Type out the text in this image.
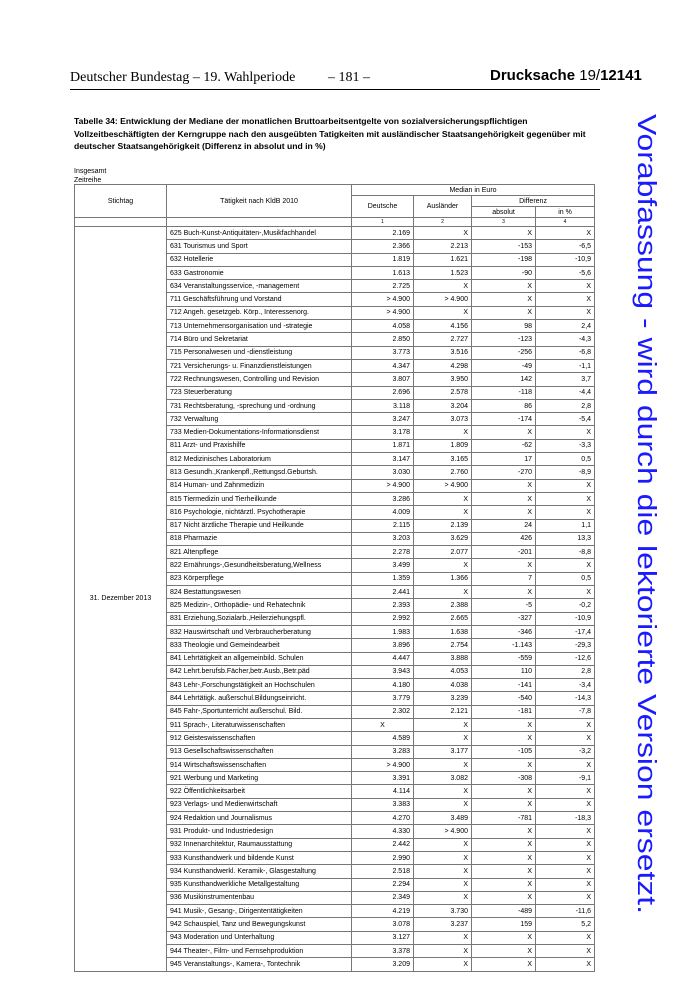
Deutscher Bundestag – 19. Wahlperiode – 181 –	Drucksache 19/12141
Tabelle 34: Entwicklung der Mediane der monatlichen Bruttoarbeitsentgelte von sozialversicherungspflichtigen Vollzeitbeschäftigten der Kerngruppe nach den ausgeübten Tatigkeiten mit ausländischer Staatsangehörigkeit gegenüber mit deutscher Staatsangehörigkeit (Differenz in absolut und in %)
Insgesamt
Zeitreihe	Vorabfassung - wird durch die lektorierte Version ersetzt.
Stichtag	Tätigkeit nach KldB 2010	Median in Euro			
		Deutsche	Ausländer	Differenz	
				absolut	in %
		1	2	3	4
31. Dezember 2013	625 Buch-Kunst-Antiquitäten-,Musikfachhandel	2.169	X	X	X
	631 Tourismus und Sport	2.366	2.213	-153	-6,5
	632 Hotellerie	1.819	1.621	-198	-10,9
	633 Gastronomie	1.613	1.523	-90	-5,6
	634 Veranstaltungsservice, -management	2.725	X	X	X
	711 Geschäftsführung und Vorstand	> 4.900	> 4.900	X	X
	712 Angeh. gesetzgeb. Körp., Interessenorg.	> 4.900	X	X	X
	713 Unternehmensorganisation und -strategie	4.058	4.156	98	2,4
	714 Büro und Sekretariat	2.850	2.727	-123	-4,3
	715 Personalwesen und -dienstleistung	3.773	3.516	-256	-6,8
	721 Versicherungs- u. Finanzdienstleistungen	4.347	4.298	-49	-1,1
	722 Rechnungswesen, Controlling und Revision	3.807	3.950	142	3,7
	723 Steuerberatung	2.696	2.578	-118	-4,4
	731 Rechtsberatung, -sprechung und -ordnung	3.118	3.204	86	2,8
	732 Verwaltung	3.247	3.073	-174	-5,4
	733 Medien-Dokumentations-Informationsdienst	3.178	X	X	X
	811 Arzt- und Praxishilfe	1.871	1.809	-62	-3,3
	812 Medizinisches Laboratorium	3.147	3.165	17	0,5
	813 Gesundh.,Krankenpfl.,Rettungsd.Geburtsh.	3.030	2.760	-270	-8,9
	814 Human- und Zahnmedizin	> 4.900	> 4.900	X	X
	815 Tiermedizin und Tierheilkunde	3.286	X	X	X
	816 Psychologie, nichtärztl. Psychotherapie	4.009	X	X	X
	817 Nicht ärztliche Therapie und Heilkunde	2.115	2.139	24	1,1
	818 Pharmazie	3.203	3.629	426	13,3
	821 Altenpflege	2.278	2.077	-201	-8,8
	822 Ernährungs-,Gesundheitsberatung,Wellness	3.499	X	X	X
	823 Körperpflege	1.359	1.366	7	0,5
	824 Bestattungswesen	2.441	X	X	X
	825 Medizin-, Orthopädie- und Rehatechnik	2.393	2.388	-5	-0,2
	831 Erziehung,Sozialarb.,Heilerziehungspfl.	2.992	2.665	-327	-10,9
	832 Hauswirtschaft und Verbraucherberatung	1.983	1.638	-346	-17,4
	833 Theologie und Gemeindearbeit	3.896	2.754	-1.143	-29,3
	841 Lehrtätigkeit an allgemeinbild. Schulen	4.447	3.888	-559	-12,6
	842 Lehrt.berufsb.Fächer,betr.Ausb.,Betr.päd	3.943	4.053	110	2,8
	843 Lehr-,Forschungstätigkeit an Hochschulen	4.180	4.038	-141	-3,4
	844 Lehrtätigk. außerschul.Bildungseinricht.	3.779	3.239	-540	-14,3
	845 Fahr-,Sportunterricht außerschul. Bild.	2.302	2.121	-181	-7,8
	911 Sprach-, Literaturwissenschaften	X	X	X	X
	912 Geisteswissenschaften	4.589	X	X	X
	913 Gesellschaftswissenschaften	3.283	3.177	-105	-3,2
	914 Wirtschaftswissenschaften	> 4.900	X	X	X
	921 Werbung und Marketing	3.391	3.082	-308	-9,1
	922 Öffentlichkeitsarbeit	4.114	X	X	X
	923 Verlags- und Medienwirtschaft	3.383	X	X	X
	924 Redaktion und Journalismus	4.270	3.489	-781	-18,3
	931 Produkt- und Industriedesign	4.330	> 4.900	X	X
	932 Innenarchitektur, Raumausstattung	2.442	X	X	X
	933 Kunsthandwerk und bildende Kunst	2.990	X	X	X
	934 Kunsthandwerkl. Keramik-, Glasgestaltung	2.518	X	X	X
	935 Kunsthandwerkliche Metallgestaltung	2.294	X	X	X
	936 Musikinstrumentenbau	2.349	X	X	X
	941 Musik-, Gesang-, Dirigententätigkeiten	4.219	3.730	-489	-11,6
	942 Schauspiel, Tanz und Bewegungskunst	3.078	3.237	159	5,2
	943 Moderation und Unterhaltung	3.127	X	X	X
	944 Theater-, Film- und Fernsehproduktion	3.378	X	X	X
	945 Veranstaltungs-, Kamera-, Tontechnik	3.209	X	X	X
